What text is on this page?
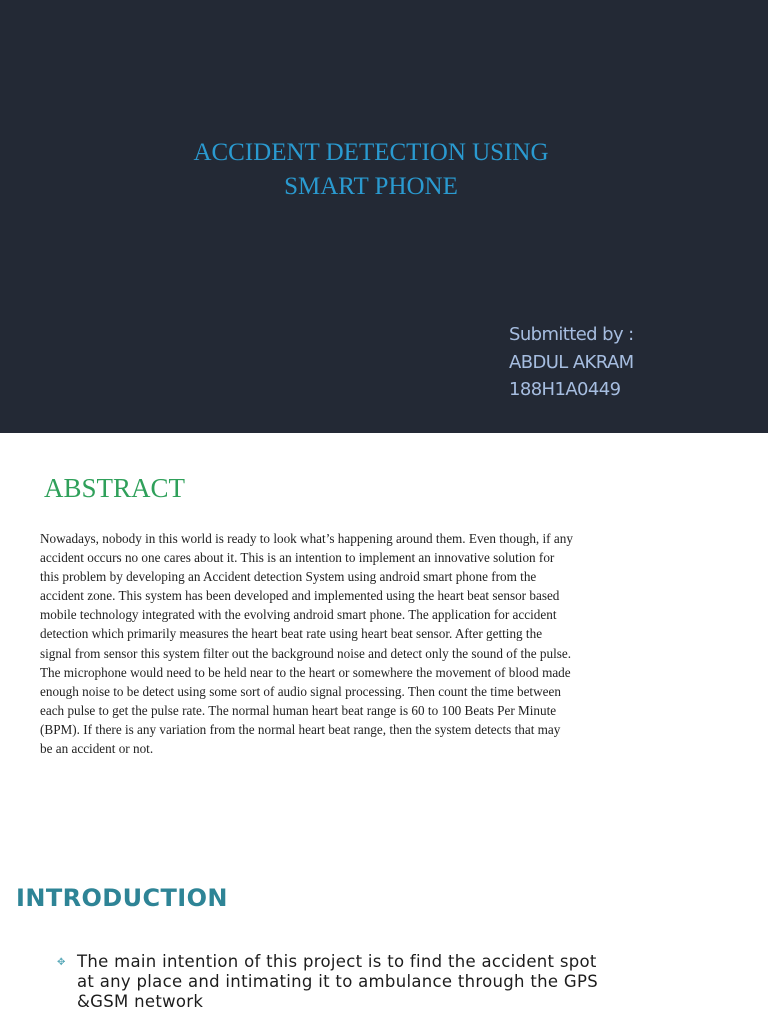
ACCIDENT DETECTION USING
SMART PHONE
Submitted by :
ABDUL AKRAM
188H1A0449
ABSTRACT
Nowadays, nobody in this world is ready to look what’s happening around them. Even though, if any
accident occurs no one cares about it. This is an intention to implement an innovative solution for
this problem by developing an Accident detection System using android smart phone from the
accident zone. This system has been developed and implemented using the heart beat sensor based
mobile technology integrated with the evolving android smart phone. The application for accident
detection which primarily measures the heart beat rate using heart beat sensor. After getting the
signal from sensor this system filter out the background noise and detect only the sound of the pulse.
The microphone would need to be held near to the heart or somewhere the movement of blood made
enough noise to be detect using some sort of audio signal processing. Then count the time between
each pulse to get the pulse rate. The normal human heart beat range is 60 to 100 Beats Per Minute
(BPM). If there is any variation from the normal heart beat range, then the system detects that may
be an accident or not.
INTRODUCTION
✥ The main intention of this project is to find the accident spot
at any place and intimating it to ambulance through the GPS
&GSM network
